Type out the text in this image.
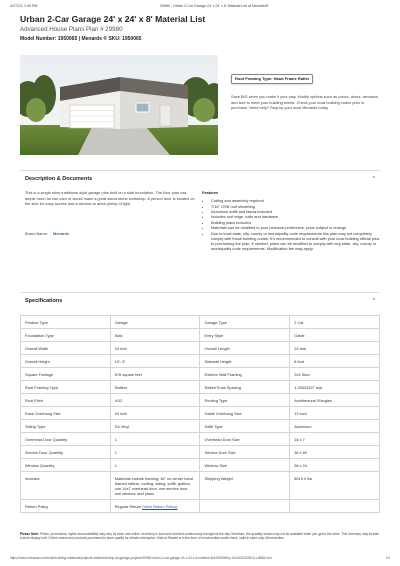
4/27/23, 1:49 PM	29980 - Urban 2-Car Garage 24' x 24' x 8' Material List at Menards®
Urban 2-Car Garage 24' x 24' x 8' Material List
Advanced House Plans Plan # 29980
Model Number: 1950065 | Menards ® SKU: 1950065
Roof Framing Type: Hand Frame Rafter

Save BIG when you make it your way. Modify options such as colors, doors, windows, and size to meet your building needs. Check your local building codes prior to purchase. Need help? Stop by your local Menards today.

Description & Documents	^

This is a single story traditional style garage plan built on a slab foundation. The floor plan has ample room for two cars or would make a great stand-alone workshop. A person door is located on the side for easy access and a window to allow plenty of light.

Brand Name: Menards
Features
• Cutting and assembly required
• 7/16" OSB roof sheathing
• Aluminum soffit and fascia included
• Includes roof edge, nails and hardware
• Building plans included
• Materials can be modified to your personal preference, price subject to change
• Due to local state, city, county or municipality code requirements this plan may not completely comply with those building codes. It's recommended to consult with your local building official prior to purchasing the plan. If needed, plans can be modified to comply with any state, city, county or municipality code requirements. Modification fee may apply.
Specifications	^
Product Type	Garage	Garage Type	2 Car
Foundation Type	Slab	Entry Style	Gable
Overall Width	24 foot	Overall Length	24 foot
Overall Height	13'- 9"	Sidewall Height	8 foot
Square Footage	576 square feet	Exterior Wall Framing	2x4 Stud
Roof Framing Type	Rafters	Rafter/Truss Spacing	1.33333327 foot
Roof Pitch	4/12	Roofing Type	Architectural Shingles
Eave Overhang Size	24 inch	Gable Overhang Size	12 inch
Siding Type	D4 Vinyl	Soffit Type	Aluminum
Overhead Door Quantity	1	Overhead Door Size	16 x 7
Service Door Quantity	1	Service Door Size	36 x 80
Window Quantity	1	Window Size	36 x 24
Includes	Materials include framing; 16" on center hand framed rafters, roofing, siding, soffit, gutters, one 16x7 overhead door, one service door, one window, and plans	Shipping Weight	8019.0 lbs
Return Policy	Regular Return (View Return Policy)		

Please Note: Prices, promotions, styles and availability may vary by store and online. Inventory is sold and received continuously throughout the day; therefore, the quantity shown may not be available when you get to the store. This inventory may include a store display unit. Online orders and products purchased in store qualify for rebate redemption. Mail-In Rebate is in the form of merchandise credit check, valid in store only. Merchandise

https://www.menards.com/main/building-materials/projects-sheltered/shop-all-garage-projects/29980-urban-2-car-garage-24-x-24-x-8-material-list/1950065/p-1444432303913-c-8881.htm	1/2
